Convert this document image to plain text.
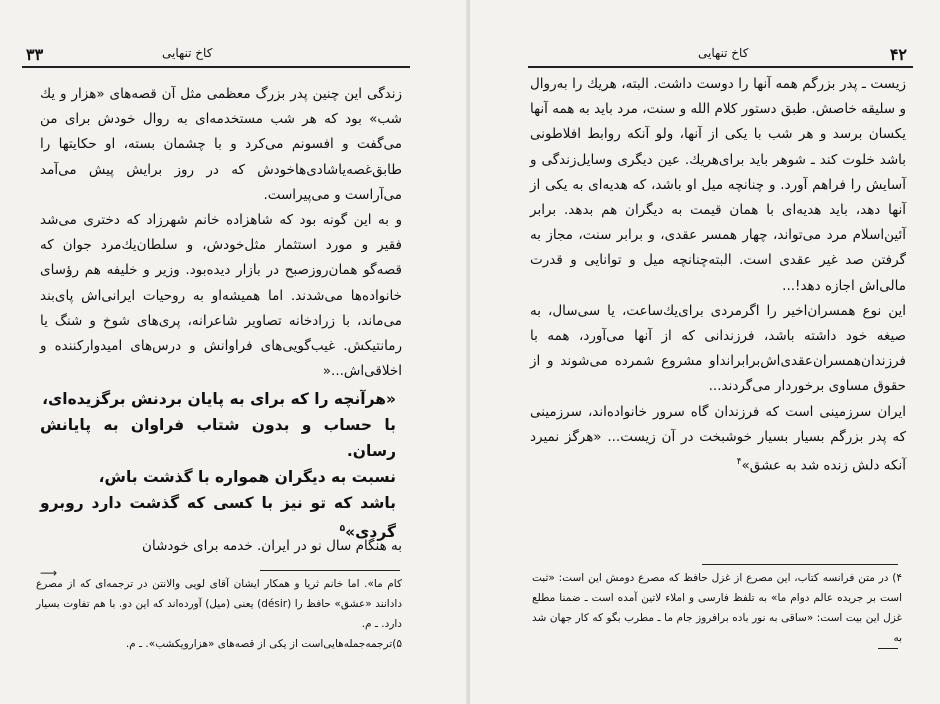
۳۳	کاخ تنهایی

زندگی این چنین پدر بزرگ معظمی مثل آن قصه‌های «هزار و یك شب» بود که هر شب مستخدمه‌ای به روال خودش برای من می‌گفت و افسونم می‌کرد و با چشمان بسته، او حکایتها را طابق‌غصه‌یاشادی‌هاخودش که در روز برایش پیش می‌آمد می‌آراست و می‌پیراست.

و به این گونه بود که شاهزاده خانم شهرزاد که دختری می‌شد فقیر و مورد استثمار مثل‌خودش، و سلطان‌یك‌مرد جوان که قصه‌گو همان‌روزصبح در بازار دیده‌بود. وزیر و خلیفه هم رؤسای خانواده‌ها می‌شدند. اما همیشه‌او به روحیات ایرانی‌اش پای‌بند می‌ماند، با زرادخانه تصاویر شاعرانه، پری‌های شوخ و شنگ یا رمانتیکش. غیب‌گویی‌های فراوانش و درس‌های امیدوارکننده و اخلاقی‌اش...«

«هرآنچه را که برای به پایان بردنش برگزیده‌ای،
با حساب و بدون شتاب فراوان به پایانش رسان.
نسبت به دیگران همواره با گذشت باش،
باشد که تو نیز با کسی که گذشت دارد روبرو گردی»$^۵$
به هنگام سال نو در ایران. خدمه برای خودشان
⟶
کام ما». اما خانم ثریا و همکار ایشان آقای لویی والانتن در ترجمه‌ای که از مصرع دادانند «عشق» حافظ را (désir) یعنی (میل) آورده‌اند که این دو. با هم تفاوت بسیار دارد. ـ م.
۵)ترجمه‌جمله‌هایی‌است از یکی از قصه‌های «هزارویکشب». ـ م.
۴۲
کاخ تنهایی

زیست ـ پدر بزرگم همه آنها را دوست داشت. البته، هریك را به‌روال و سلیقه خاصش. طبق دستور کلام الله و سنت، مرد باید به همه آنها یکسان برسد و هر شب با یکی از آنها، ولو آنکه روابط افلاطونی باشد خلوت کند ـ شوهر باید برای‌هریك. عین دیگری وسایل‌زندگی و آسایش را فراهم آورد. و چنانچه میل او باشد، که هدیه‌ای به یکی از آنها دهد، باید هدیه‌ای با همان قیمت به دیگران هم بدهد. برابر آئین‌اسلام مرد می‌تواند، چهار همسر عقدی، و برابر سنت، مجاز به گرفتن صد غیر عقدی است. البته‌چنانچه میل و توانایی و قدرت مالی‌اش اجازه دهد!...

این نوع همسران‌اخیر را اگرمردی برای‌یك‌ساعت، یا سی‌سال، به صیغه خود داشته باشد، فرزندانی که از آنها می‌آورد، همه با فرزندان‌همسران‌عقدی‌اش‌برابرانداو مشروع شمرده می‌شوند و از حقوق مساوی برخوردار می‌گردند...

ایران سرزمینی است که فرزندان گاه سرور خانواده‌اند، سرزمینی که پدر بزرگم بسیار بسیار خوشبخت در آن زیست... «هرگز نمیرد آنکه دلش زنده شد به عشق»$^۴$

۴) در متن فرانسه کتاب، این مصرع از غزل حافظ که مصرع دومش این است: «ثبت است بر جریده عالم دوام ما» به تلفظ فارسی و املاء لاتین آمده است ـ ضمنا مطلع غزل این بیت است: «ساقی به نور باده برافروز جام ما ـ مطرب بگو که کار جهان شد به
